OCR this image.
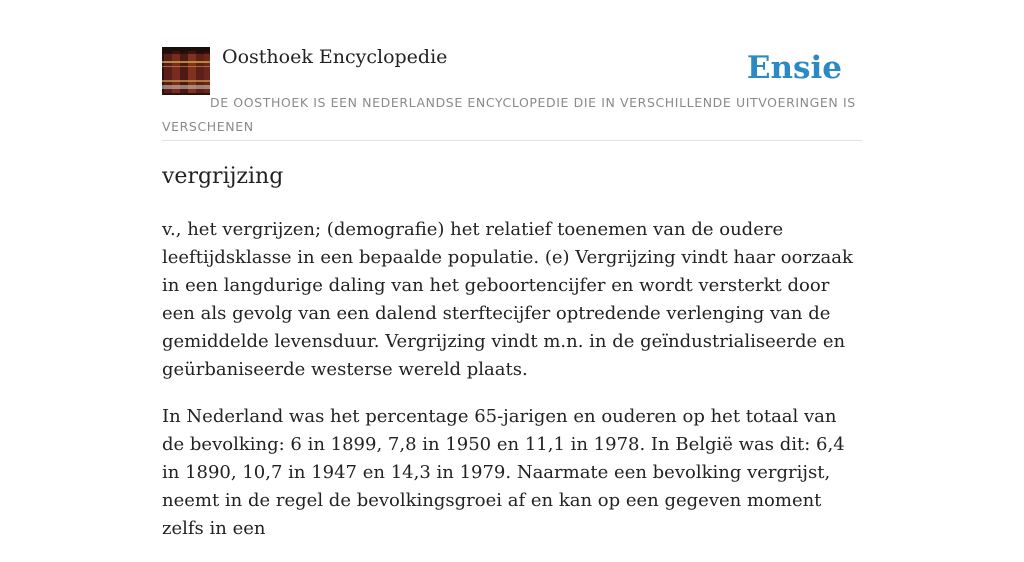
Oosthoek Encyclopedie	Ensie
DE OOSTHOEK IS EEN NEDERLANDSE ENCYCLOPEDIE DIE IN VERSCHILLENDE UITVOERINGEN IS VERSCHENEN
vergrijzing

v., het vergrijzen; (demografie) het relatief toenemen van de oudere leeftijdsklasse in een bepaalde populatie. (e) Vergrijzing vindt haar oorzaak in een langdurige daling van het geboortencijfer en wordt versterkt door een als gevolg van een dalend sterftecijfer optredende verlenging van de gemiddelde levensduur. Vergrijzing vindt m.n. in de geïndustrialiseerde en geürbaniseerde westerse wereld plaats.

In Nederland was het percentage 65-jarigen en ouderen op het totaal van de bevolking: 6 in 1899, 7,8 in 1950 en 11,1 in 1978. In België was dit: 6,4 in 1890, 10,7 in 1947 en 14,3 in 1979. Naarmate een bevolking vergrijst, neemt in de regel de bevolkingsgroei af en kan op een gegeven moment zelfs in een
